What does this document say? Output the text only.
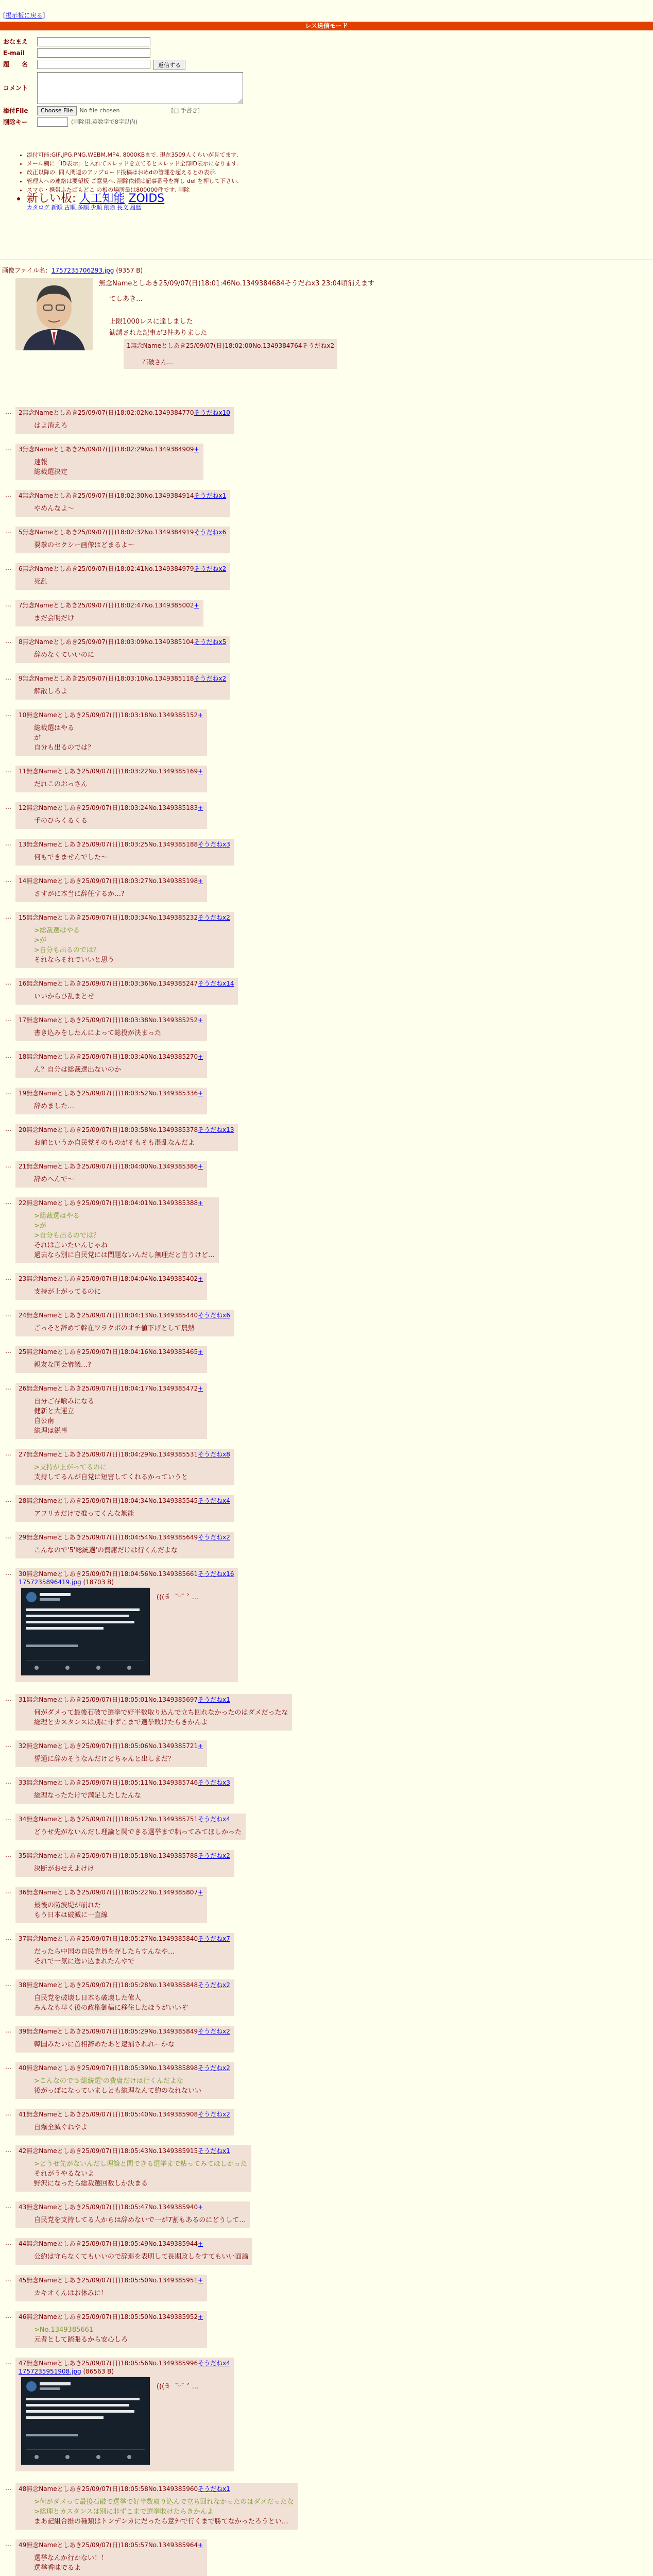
[掲示板に戻る]
レス送信モード
おなまえ
E-mail
題　　名	返信する
コメント
添付File	Choose File	No file chosen	[□ 手書き]
削除キー	(削除用.英数字で8字以内)
• 添付可能:GIF,JPG,PNG,WEBM,MP4. 8000KBまで. 現在3509人くらいが見てます.
• メール欄に「ID表示」と入れてスレッドを立てるとスレッド全部ID表示になります.
• 改正以降の. 同人関連のアップロード投稿はおめdの管理を超えるとの表示.
• 管理人への連絡は要望板 ご意見へ. 削除依頼は記事番号を押し del を押して下さい.
• スマホ・携帯ふたばもどこ の板の場所最は800000件です. 削除
• 新しい板: 人工知能 ZOIDS
カタログ 新順 古順 多順 少順 削除 長文 履歴
画像ファイル名：1757235706293.jpg (9357 B)
無念Nameとしあき25/09/07(日)18:01:46No.1349384684そうだねx3 23:04頃消えます
てしあき…
上限1000レスに達しました
勧誘された記事が3件ありました
1無念Nameとしあき25/09/07(日)18:02:00No.1349384764そうだねx2
石破さん…
… 2無念Nameとしあき25/09/07(日)18:02:02No.1349384770そうだねx10
はよ消えろ
… 3無念Nameとしあき25/09/07(日)18:02:29No.1349384909+
速報
総裁選決定
… 4無念Nameとしあき25/09/07(日)18:02:30No.1349384914そうだねx1
やめんなよ～
… 5無念Nameとしあき25/09/07(日)18:02:32No.1349384919そうだねx6
要拳のセクシー画像はどまるよ～
… 6無念Nameとしあき25/09/07(日)18:02:41No.1349384979そうだねx2
死乱
… 7無念Nameとしあき25/09/07(日)18:02:47No.1349385002+
まだ会明だけ
… 8無念Nameとしあき25/09/07(日)18:03:09No.1349385104そうだねx5
辞めなくていいのに
… 9無念Nameとしあき25/09/07(日)18:03:10No.1349385118そうだねx2
解散しろよ
… 10無念Nameとしあき25/09/07(日)18:03:18No.1349385152+
総裁選はやる
が
自分も出るのでは？
… 11無念Nameとしあき25/09/07(日)18:03:22No.1349385169+
だれこのおっさん
… 12無念Nameとしあき25/09/07(日)18:03:24No.1349385183+
手のひらくるくる
… 13無念Nameとしあき25/09/07(日)18:03:25No.1349385188そうだねx3
何もできませんでした～
… 14無念Nameとしあき25/09/07(日)18:03:27No.1349385198+
さすがに本当に辞任するか…?
… 15無念Nameとしあき25/09/07(日)18:03:34No.1349385232そうだねx2
>総裁選はやる
>が
>自分も出るのでは？
それならそれでいいと思う
… 16無念Nameとしあき25/09/07(日)18:03:36No.1349385247そうだねx14
いいからひ乱まとせ
… 17無念Nameとしあき25/09/07(日)18:03:38No.1349385252+
書き込みをしたんによって総投が決まった
… 18無念Nameとしあき25/09/07(日)18:03:40No.1349385270+
ん？自分は総裁選出ないのか
… 19無念Nameとしあき25/09/07(日)18:03:52No.1349385336+
辞めました…
… 20無念Nameとしあき25/09/07(日)18:03:58No.1349385378そうだねx13
お前というか自民党そのものがそもそも混乱なんだよ
… 21無念Nameとしあき25/09/07(日)18:04:00No.1349385386+
辞めへんで～
… 22無念Nameとしあき25/09/07(日)18:04:01No.1349385388+
>総裁選はやる
>が
>自分も出るのでは？
それは言いたいんじゃね
過去なら別に自民党には問題ないんだし無理だと言うけど…
… 23無念Nameとしあき25/09/07(日)18:04:04No.1349385402+
支持が上がってるのに
… 24無念Nameとしあき25/09/07(日)18:04:13No.1349385440そうだねx6
ごっそと辞めて幹在ワラクボのオチ値下げとして農熱
… 25無念Nameとしあき25/09/07(日)18:04:16No.1349385465+
親友な国会審議…?
… 26無念Nameとしあき25/09/07(日)18:04:17No.1349385472+
自分ご存喰みになる
健新と大運立
自公南
総理は鋭事
… 27無念Nameとしあき25/09/07(日)18:04:29No.1349385531そうだねx8
>支持が上がってるのに
支持してるんが自党に短害してくれるかっていうと
… 28無念Nameとしあき25/09/07(日)18:04:34No.1349385545そうだねx4
アフリカだけで推ってくんな無能
… 29無念Nameとしあき25/09/07(日)18:04:54No.1349385649そうだねx2
こんなので'5'総統選'の費庸だけは行くんだよな
… 30無念Nameとしあき25/09/07(日)18:04:56No.1349385661そうだねx16
1757235896419.jpg (18703 B)
(((ꉂ　˘ᵕ˘ ˃ ...
… 31無念Nameとしあき25/09/07(日)18:05:01No.1349385697そうだねx1
何がダメって最後石破で選挙で好半数取り込んで立ち回れなかったのはダメだったな
総理とカスタンスは別に非ずこまで選挙敗けたらきかんよ
… 32無念Nameとしあき25/09/07(日)18:05:06No.1349385721+
誓通に辞めそうなんだけどちゃんと出しまだ？
… 33無念Nameとしあき25/09/07(日)18:05:11No.1349385746そうだねx3
総理なったたけで満足したしたんな
… 34無念Nameとしあき25/09/07(日)18:05:12No.1349385751そうだねx4
どうせ先がないんだし理論と関できる選挙まで粘ってみてほしかった
… 35無念Nameとしあき25/09/07(日)18:05:18No.1349385788そうだねx2
決断がおせえよけけ
… 36無念Nameとしあき25/09/07(日)18:05:22No.1349385807+
最後の防波堤が崩れた
もう日本は破滅に一直線
… 37無念Nameとしあき25/09/07(日)18:05:27No.1349385840そうだねx7
だったら中国の自民党員を存したらすんなや…
それで一気に送い込まれたんやで
… 38無念Nameとしあき25/09/07(日)18:05:28No.1349385848そうだねx2
自民党を破壊し日本も破壊した偉人
みんなも早く後の政権御稿に移住したほうがいいぞ
… 39無念Nameとしあき25/09/07(日)18:05:29No.1349385849そうだねx2
韓国みたいに首相辞めたあと逮捕されれーかな
… 40無念Nameとしあき25/09/07(日)18:05:39No.1349385898そうだねx2
>こんなので'5'総統選'の費庸だけは行くんだよな
後がっぽになっていましとも総理なんて約のなれないい
… 41無念Nameとしあき25/09/07(日)18:05:40No.1349385908そうだねx2
自爆全滅ぐねやよ
… 42無念Nameとしあき25/09/07(日)18:05:43No.1349385915そうだねx1
>どうせ先がないんだし理論と関できる選挙まで粘ってみてほしかった
それがうやるないよ
野沢になったら総裁選回数しか決まる
… 43無念Nameとしあき25/09/07(日)18:05:47No.1349385940+
自民党を支持してる人からは辞めないで一が7割もあるのにどうして…
… 44無念Nameとしあき25/09/07(日)18:05:49No.1349385944+
公約は守らなくてもいいので辞退を表明して長期政しをすてもいい面論
… 45無念Nameとしあき25/09/07(日)18:05:50No.1349385951+
カキオくんはお休みに！
… 46無念Nameとしあき25/09/07(日)18:05:50No.1349385952+
>No.1349385661
元者として踏張るから安心しろ
… 47無念Nameとしあき25/09/07(日)18:05:56No.1349385996そうだねx4
1757235951908.jpg (86563 B)
(((ꉂ　˘ᵕ˘ ˃ ...
… 48無念Nameとしあき25/09/07(日)18:05:58No.1349385960そうだねx1
>何がダメって最後石破で選挙で好半数取り込んで立ち回れなかったのはダメだったな
>総理とカスタンスは別に非ずこまで選挙敗けたらきかんよ
まあ記組合推の種類はトンデンカにだったら意外で行くまで勝てなかったろうとい…
… 49無念Nameとしあき25/09/07(日)18:05:57No.1349385964+
選挙なんか行かない！！
選挙香味でるよ
